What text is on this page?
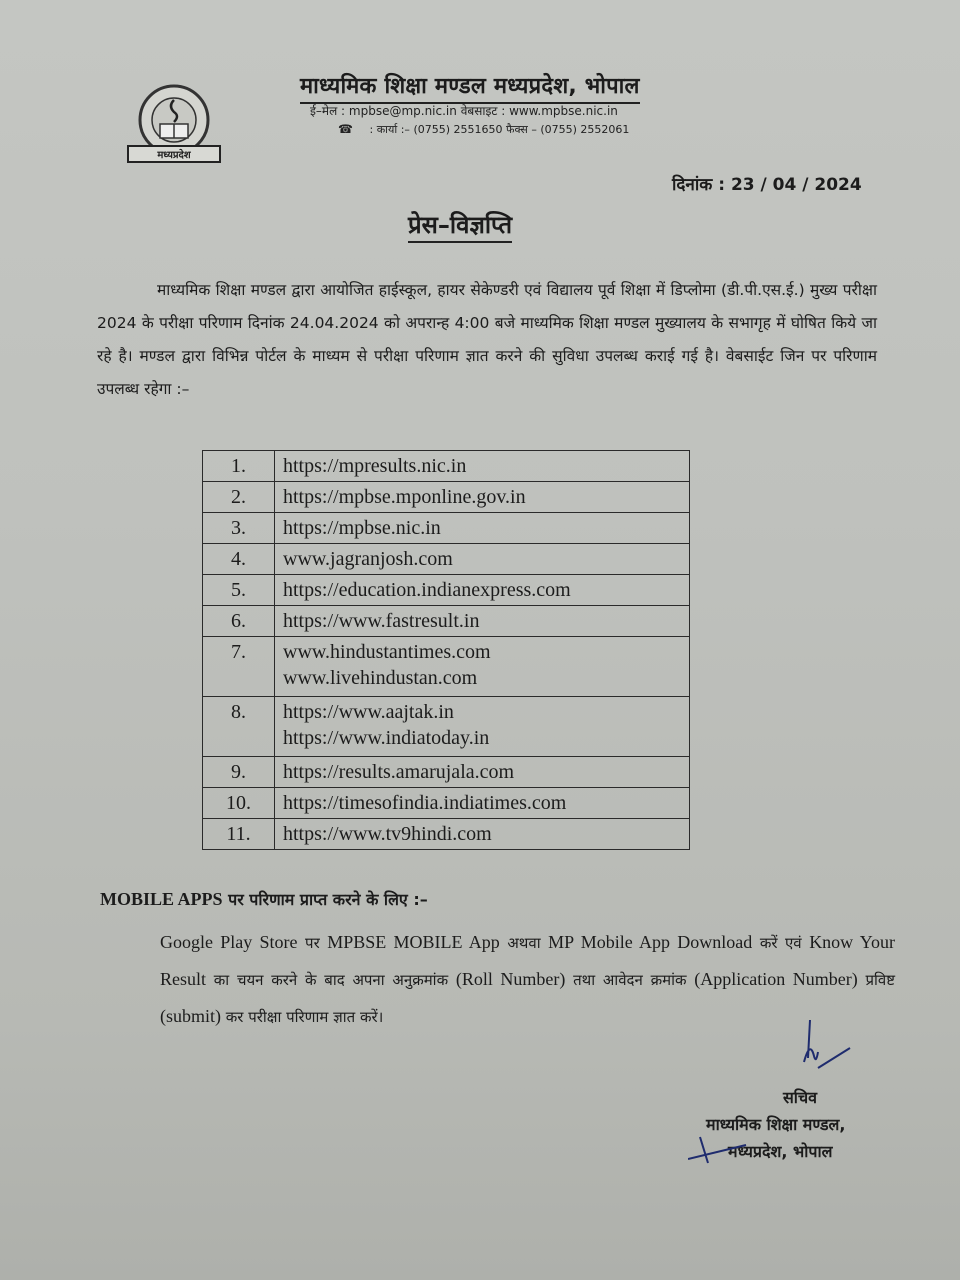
मध्यप्रदेश
माध्यमिक शिक्षा मण्डल मध्यप्रदेश, भोपाल
ई–मेल : mpbse@mp.nic.in वेबसाइट : www.mpbse.nic.in
☎ : कार्या :– (0755) 2551650 फैक्स – (0755) 2552061
दिनांक : 23 / 04 / 2024
प्रेस–विज्ञप्ति

माध्यमिक शिक्षा मण्डल द्वारा आयोजित हाईस्कूल, हायर सेकेण्डरी एवं विद्यालय पूर्व शिक्षा में डिप्लोमा (डी.पी.एस.ई.) मुख्य परीक्षा 2024 के परीक्षा परिणाम दिनांक 24.04.2024 को अपरान्ह 4:00 बजे माध्यमिक शिक्षा मण्डल मुख्यालय के सभागृह में घोषित किये जा रहे है। मण्डल द्वारा विभिन्न पोर्टल के माध्यम से परीक्षा परिणाम ज्ञात करने की सुविधा उपलब्ध कराई गई है। वेबसाईट जिन पर परिणाम उपलब्ध रहेगा :–

1.	https://mpresults.nic.in

2.	https://mpbse.mponline.gov.in

3.	https://mpbse.nic.in

4.	www.jagranjosh.com

5.	https://education.indianexpress.com

6.	https://www.fastresult.in

7.	www.hindustantimes.com
www.livehindustan.com

8.	https://www.aajtak.in
https://www.indiatoday.in

9.	https://results.amarujala.com

10.	https://timesofindia.indiatimes.com

11.	https://www.tv9hindi.com
MOBILE APPS पर परिणाम प्राप्त करने के लिए :–

Google Play Store पर MPBSE MOBILE App अथवा MP Mobile App Download करें एवं Know Your Result का चयन करने के बाद अपना अनुक्रमांक (Roll Number) तथा आवेदन क्रमांक (Application Number) प्रविष्ट (submit) कर परीक्षा परिणाम ज्ञात करें।

सचिव
माध्यमिक शिक्षा मण्डल,
मध्यप्रदेश, भोपाल
